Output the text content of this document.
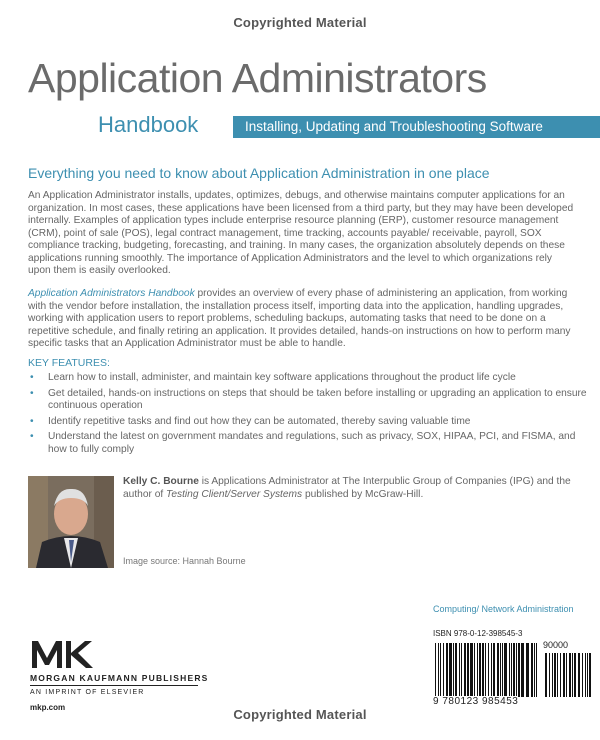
Copyrighted Material
Application Administrators
Handbook	Installing, Updating and Troubleshooting Software
Everything you need to know about Application Administration in one place
An Application Administrator installs, updates, optimizes, debugs, and otherwise maintains computer applications for an organization. In most cases, these applications have been licensed from a third party, but they may have been developed internally. Examples of application types include enterprise resource planning (ERP), customer resource management (CRM), point of sale (POS), legal contract management, time tracking, accounts payable/ receivable, payroll, SOX compliance tracking, budgeting, forecasting, and training. In many cases, the organization absolutely depends on these applications running smoothly. The importance of Application Administrators and the level to which organizations rely upon them is easily overlooked.
Application Administrators Handbook provides an overview of every phase of administering an application, from working with the vendor before installation, the installation process itself, importing data into the application, handling upgrades, working with application users to report problems, scheduling backups, automating tasks that need to be done on a repetitive schedule, and finally retiring an application. It provides detailed, hands-on instructions on how to perform many specific tasks that an Application Administrator must be able to handle.
KEY FEATURES:
• Learn how to install, administer, and maintain key software applications throughout the product life cycle
• Get detailed, hands-on instructions on steps that should be taken before installing or upgrading an application to ensure continuous operation
• Identify repetitive tasks and find out how they can be automated, thereby saving valuable time
• Understand the latest on government mandates and regulations, such as privacy, SOX, HIPAA, PCI, and FISMA, and how to fully comply
Kelly C. Bourne is Applications Administrator at The Interpublic Group of Companies (IPG) and the author of Testing Client/Server Systems published by McGraw-Hill.
Image source: Hannah Bourne
Computing/ Network Administration
MORGAN KAUFMANN PUBLISHERS
AN IMPRINT OF ELSEVIER
mkp.com
ISBN 978-0-12-398545-3
90000
9 780123 985453
Copyrighted Material
